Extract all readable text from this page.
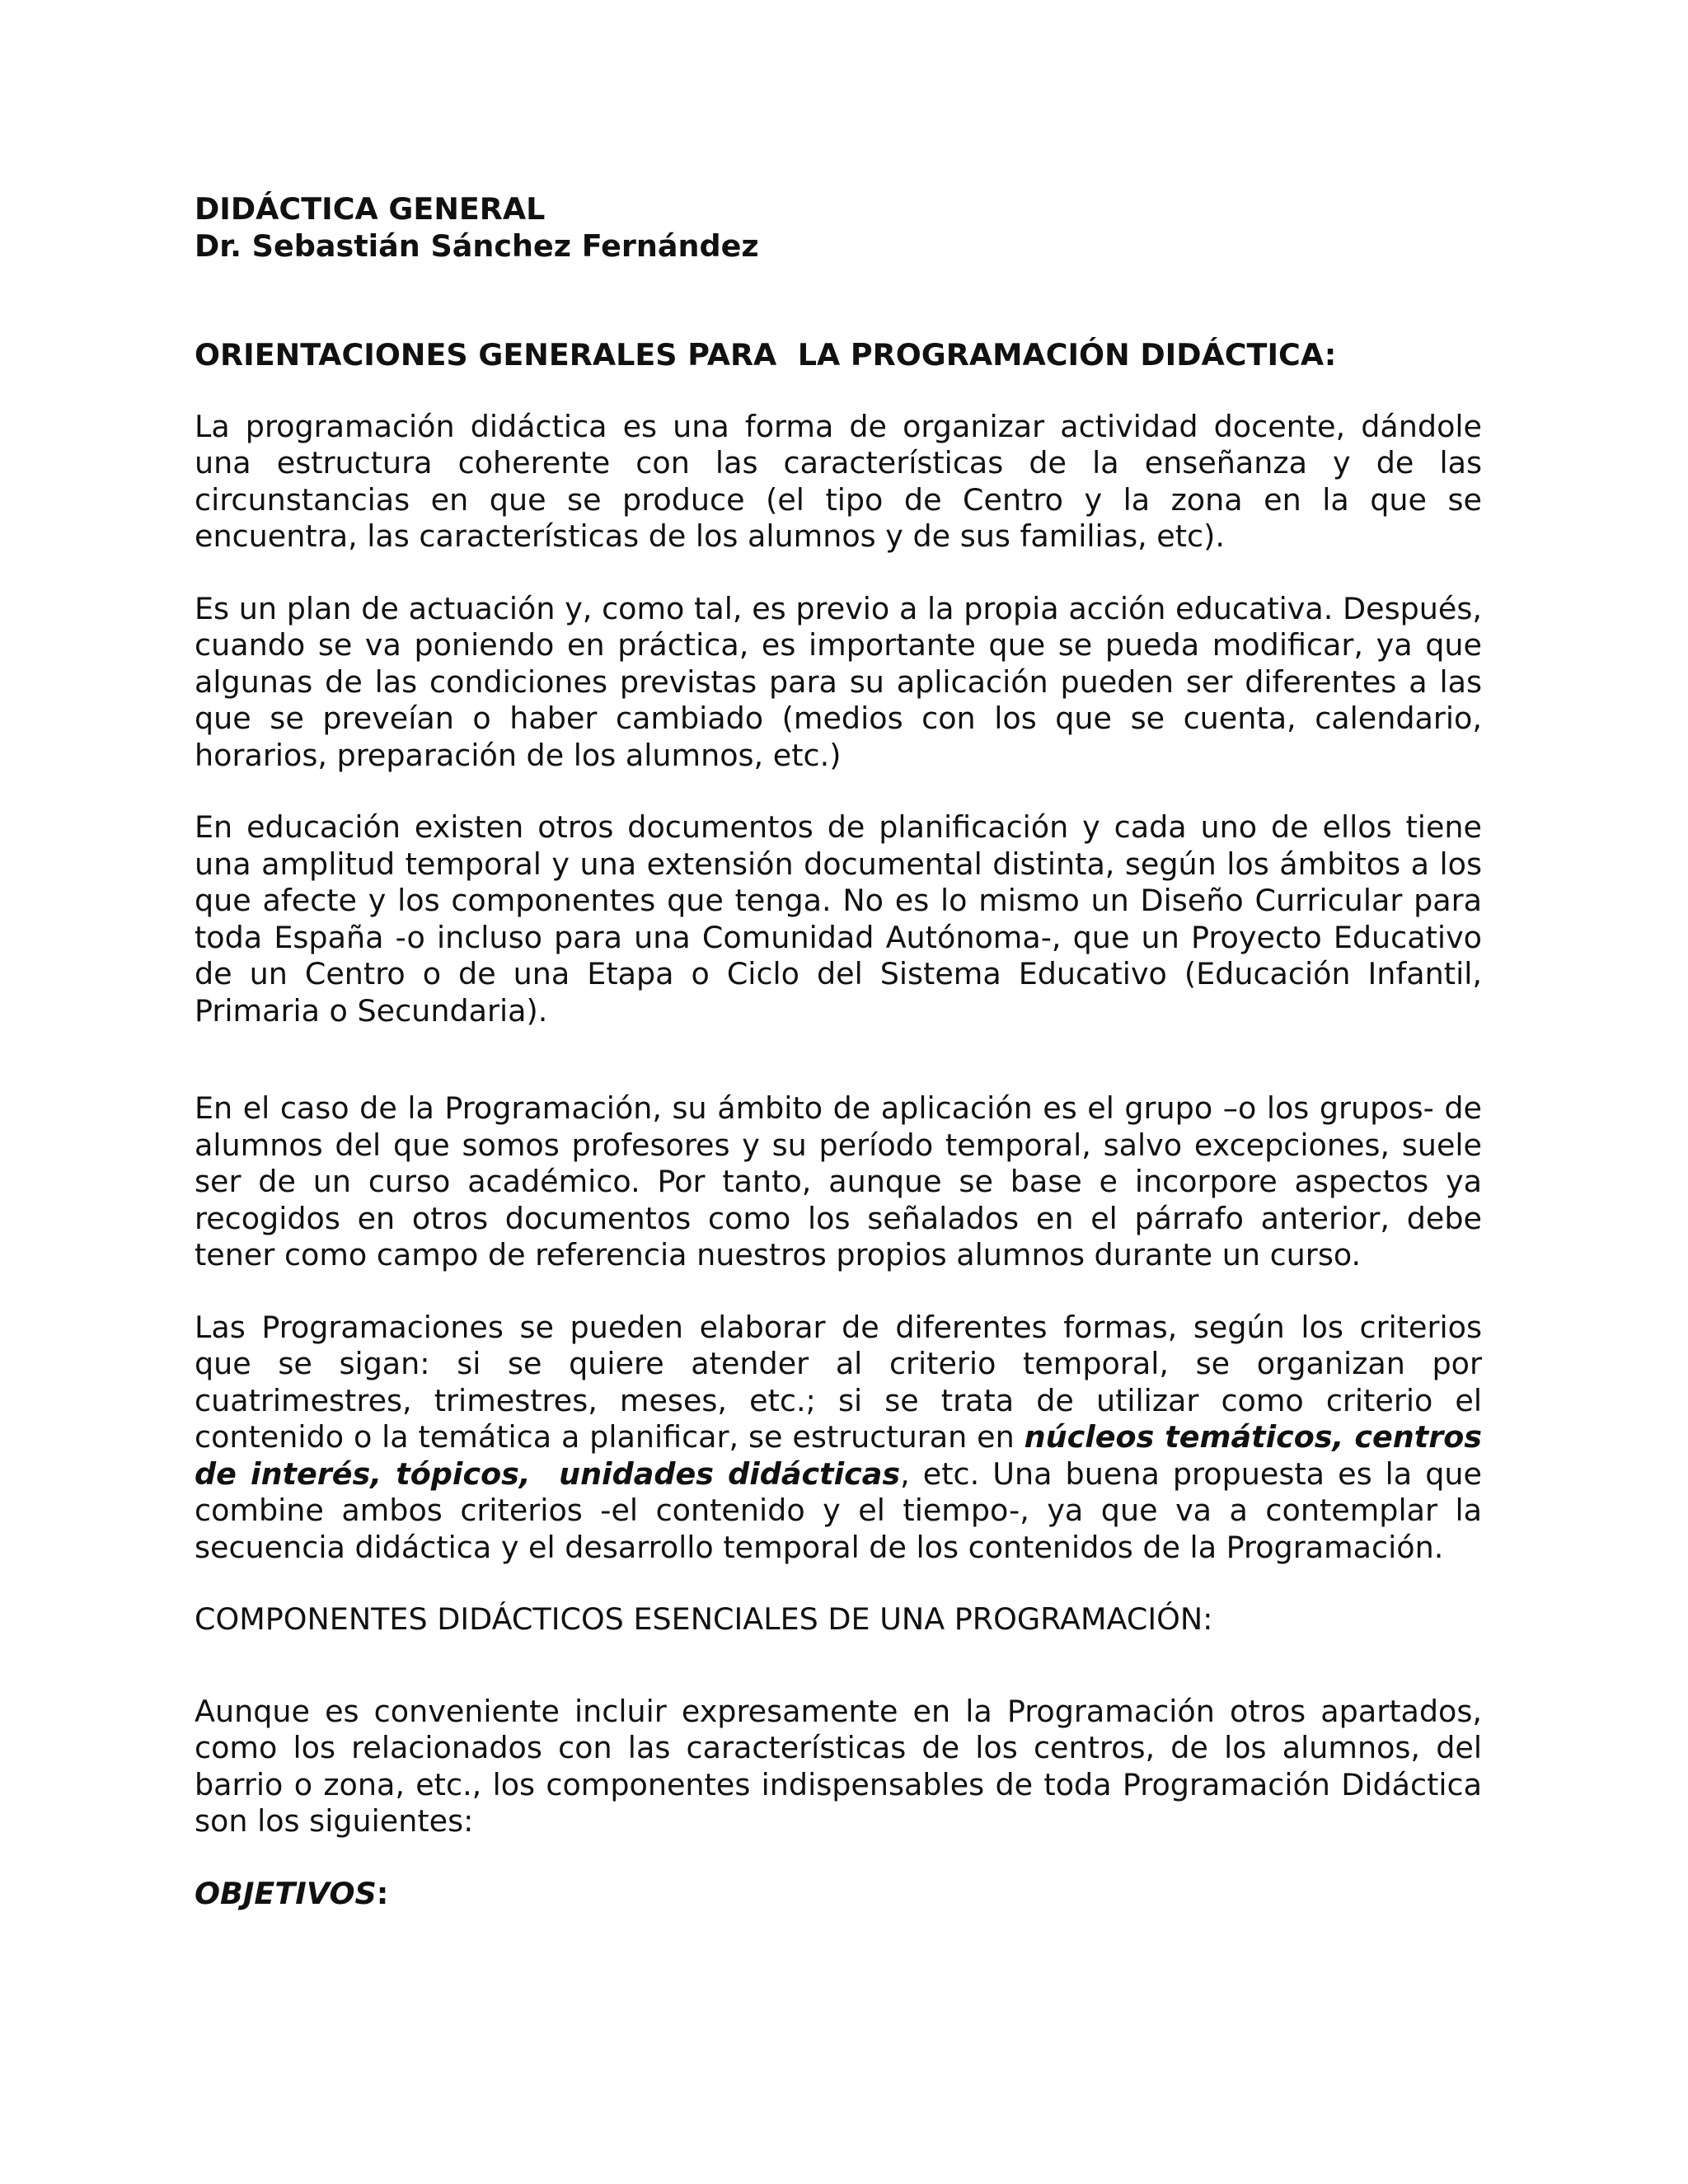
DIDÁCTICA GENERAL

Dr. Sebastián Sánchez Fernández

ORIENTACIONES GENERALES PARA  LA PROGRAMACIÓN DIDÁCTICA:

La programación didáctica es una forma de organizar actividad docente, dándole una estructura coherente con las características de la enseñanza y de las circunstancias en que se produce (el tipo de Centro y la zona en la que se encuentra, las características de los alumnos y de sus familias, etc).

Es un plan de actuación y, como tal, es previo a la propia acción educativa. Después, cuando se va poniendo en práctica, es importante que se pueda modificar, ya que algunas de las condiciones previstas para su aplicación pueden ser diferentes a las que se preveían o haber cambiado (medios con los que se cuenta, calendario, horarios, preparación de los alumnos, etc.)

En educación existen otros documentos de planificación y cada uno de ellos tiene una amplitud temporal y una extensión documental distinta, según los ámbitos a los que afecte y los componentes que tenga. No es lo mismo un Diseño Curricular para toda España -o incluso para una Comunidad Autónoma-, que un Proyecto Educativo de un Centro o de una Etapa o Ciclo del Sistema Educativo (Educación Infantil, Primaria o Secundaria).

En el caso de la Programación, su ámbito de aplicación es el grupo –o los grupos- de alumnos del que somos profesores y su período temporal, salvo excepciones, suele ser de un curso académico. Por tanto, aunque se base e incorpore aspectos ya recogidos en otros documentos como los señalados en el párrafo anterior, debe tener como campo de referencia nuestros propios alumnos durante un curso.

Las Programaciones se pueden elaborar de diferentes formas, según los criterios que se sigan: si se quiere atender al criterio temporal, se organizan por cuatrimestres, trimestres, meses, etc.; si se trata de utilizar como criterio el contenido o la temática a planificar, se estructuran en núcleos temáticos, centros de interés, tópicos,  unidades didácticas, etc. Una buena propuesta es la que combine ambos criterios -el contenido y el tiempo-, ya que va a contemplar la secuencia didáctica y el desarrollo temporal de los contenidos de la Programación.

COMPONENTES DIDÁCTICOS ESENCIALES DE UNA PROGRAMACIÓN:

Aunque es conveniente incluir expresamente en la Programación otros apartados, como los relacionados con las características de los centros, de los alumnos, del barrio o zona, etc., los componentes indispensables de toda Programación Didáctica son los siguientes:

OBJETIVOS:
